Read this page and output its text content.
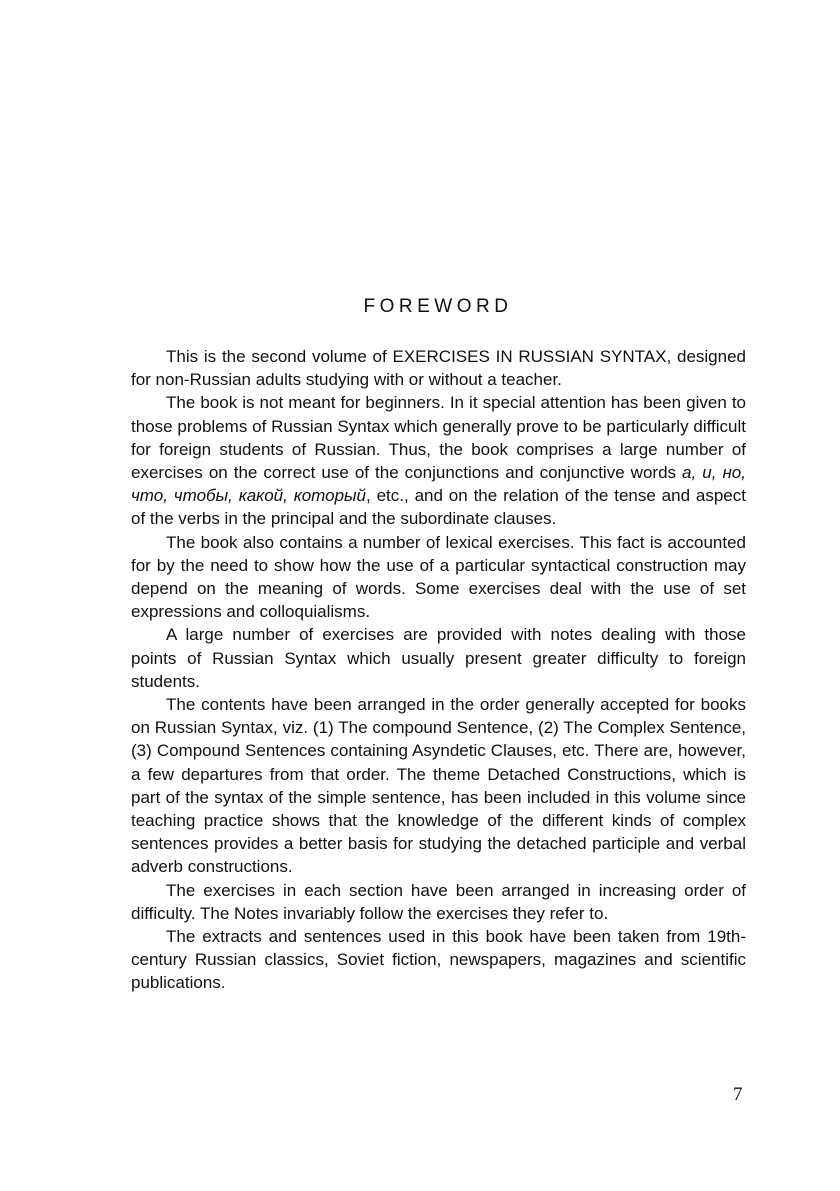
FOREWORD

This is the second volume of EXERCISES IN RUSSIAN SYNTAX, designed for non-Russian adults studying with or without a teacher.

The book is not meant for beginners. In it special attention has been given to those problems of Russian Syntax which generally prove to be particularly difficult for foreign students of Russian. Thus, the book comprises a large number of exercises on the correct use of the conjunctions and conjunctive words а, и, но, что, чтобы, какой, который, etc., and on the relation of the tense and aspect of the verbs in the principal and the subordinate clauses.

The book also contains a number of lexical exercises. This fact is accounted for by the need to show how the use of a particular syntactical construction may depend on the meaning of words. Some exercises deal with the use of set expressions and colloquialisms.

A large number of exercises are provided with notes dealing with those points of Russian Syntax which usually present greater difficulty to foreign students.

The contents have been arranged in the order generally accepted for books on Russian Syntax, viz. (1) The compound Sentence, (2) The Complex Sentence, (3) Compound Sentences containing Asyndetic Clauses, etc. There are, however, a few departures from that order. The theme Detached Constructions, which is part of the syntax of the simple sentence, has been included in this volume since teaching practice shows that the knowledge of the different kinds of complex sentences provides a better basis for studying the detached participle and verbal adverb constructions.

The exercises in each section have been arranged in increasing order of difficulty. The Notes invariably follow the exercises they refer to.

The extracts and sentences used in this book have been taken from 19th-century Russian classics, Soviet fiction, newspapers, magazines and scientific publications.

7
